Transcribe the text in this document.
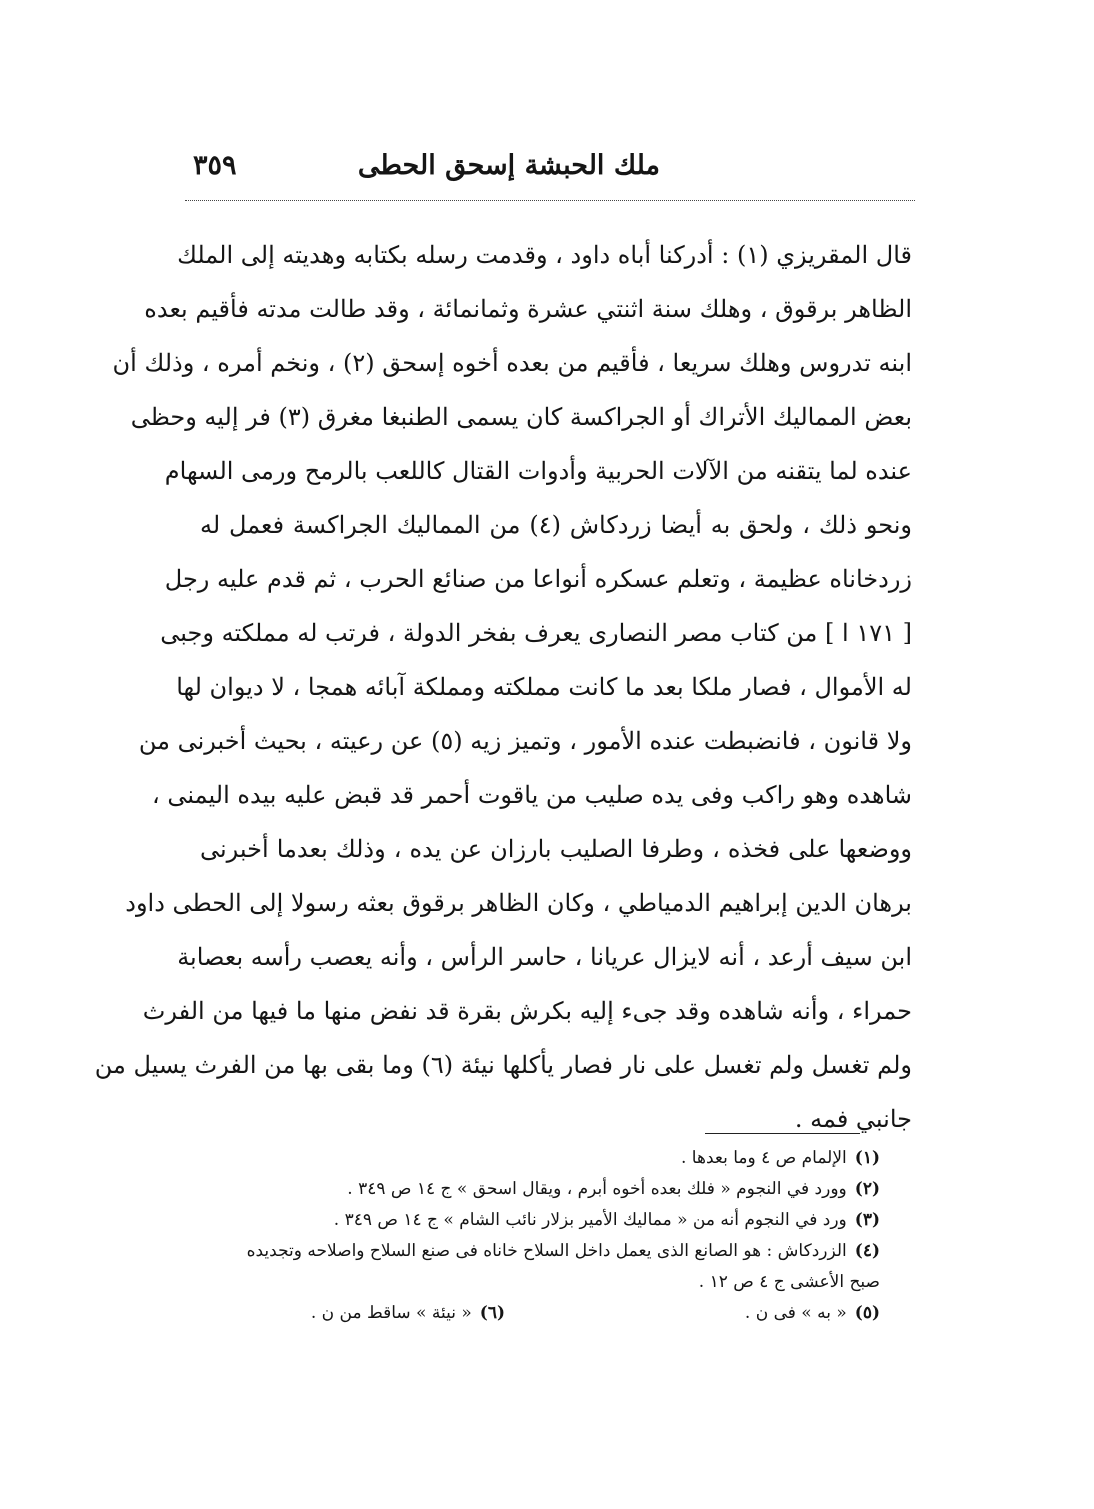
ملك الحبشة إسحق الحطى
٣٥٩
قال المقريزي (١) : أدركنا أباه داود ، وقدمت رسله بكتابه وهديته إلى الملك
الظاهر برقوق ، وهلك سنة اثنتي عشرة وثمانمائة ، وقد طالت مدته فأقيم بعده
ابنه تدروس وهلك سريعا ، فأقيم من بعده أخوه إسحق (٢) ، ونخم أمره ، وذلك أن
بعض المماليك الأتراك أو الجراكسة كان يسمى الطنبغا مغرق (٣) فر إليه وحظى
عنده لما يتقنه من الآلات الحربية وأدوات القتال كاللعب بالرمح ورمى السهام
ونحو ذلك ، ولحق به أيضا زردكاش (٤) من المماليك الجراكسة فعمل له
زردخاناه عظيمة ، وتعلم عسكره أنواعا من صنائع الحرب ، ثم قدم عليه رجل
[ ١٧١ ا ] من كتاب مصر النصارى يعرف بفخر الدولة ، فرتب له مملكته وجبى
له الأموال ، فصار ملكا بعد ما كانت مملكته ومملكة آبائه همجا ، لا ديوان لها
ولا قانون ، فانضبطت عنده الأمور ، وتميز زيه (٥) عن رعيته ، بحيث أخبرنى من
شاهده وهو راكب وفى يده صليب من ياقوت أحمر قد قبض عليه بيده اليمنى ،
ووضعها على فخذه ، وطرفا الصليب بارزان عن يده ، وذلك بعدما أخبرنى
برهان الدين إبراهيم الدمياطي ، وكان الظاهر برقوق بعثه رسولا إلى الحطى داود
ابن سيف أرعد ، أنه لايزال عريانا ، حاسر الرأس ، وأنه يعصب رأسه بعصابة
حمراء ، وأنه شاهده وقد جىء إليه بكرش بقرة قد نفض منها ما فيها من الفرث
ولم تغسل ولم تغسل على نار فصار يأكلها نيئة (٦) وما بقى بها من الفرث يسيل من
جانبي فمه .
(١)الإلمام ص ٤ وما بعدها .
(٢)وورد في النجوم « فلك بعده أخوه أبرم ، ويقال اسحق » ج ١٤ ص ٣٤٩ .
(٣)ورد في النجوم أنه من « مماليك الأمير بزلار نائب الشام » ج ١٤ ص ٣٤٩ .
(٤)الزردكاش : هو الصانع الذى يعمل داخل السلاح خاناه فى صنع السلاح واصلاحه وتجديده
صبح الأعشى ج ٤ ص ١٢ .
(٥)« به » فى ن .
(٦)« نيئة » ساقط من ن .
